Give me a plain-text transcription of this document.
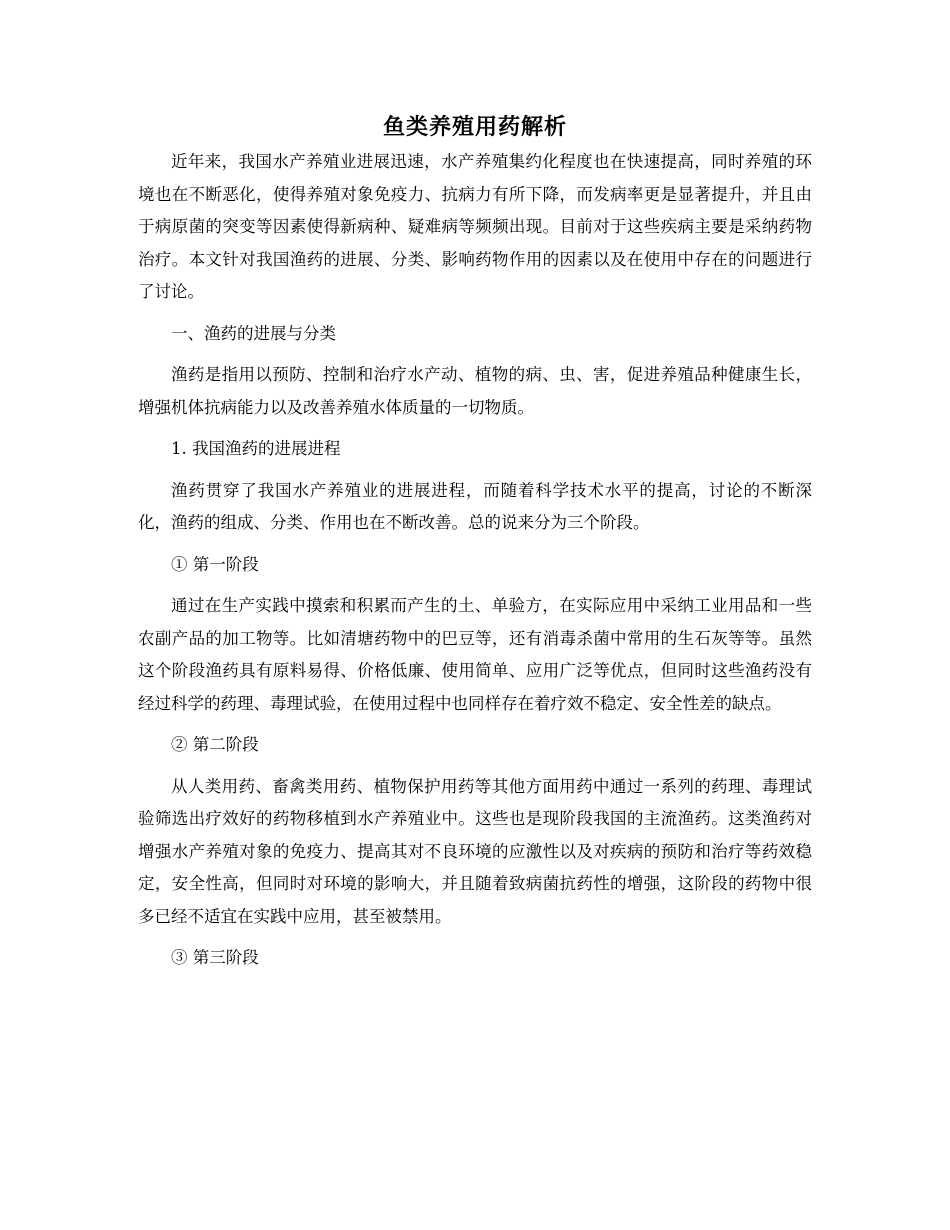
鱼类养殖用药解析

近年来，我国水产养殖业进展迅速，水产养殖集约化程度也在快速提高，同时养殖的环境也在不断恶化，使得养殖对象免疫力、抗病力有所下降，而发病率更是显著提升，并且由于病原菌的突变等因素使得新病种、疑难病等频频出现。目前对于这些疾病主要是采纳药物治疗。本文针对我国渔药的进展、分类、影响药物作用的因素以及在使用中存在的问题进行了讨论。

一、渔药的进展与分类

渔药是指用以预防、控制和治疗水产动、植物的病、虫、害，促进养殖品种健康生长，增强机体抗病能力以及改善养殖水体质量的一切物质。

1. 我国渔药的进展进程

渔药贯穿了我国水产养殖业的进展进程，而随着科学技术水平的提高，讨论的不断深化，渔药的组成、分类、作用也在不断改善。总的说来分为三个阶段。

① 第一阶段

通过在生产实践中摸索和积累而产生的土、单验方，在实际应用中采纳工业用品和一些农副产品的加工物等。比如清塘药物中的巴豆等，还有消毒杀菌中常用的生石灰等等。虽然这个阶段渔药具有原料易得、价格低廉、使用简单、应用广泛等优点，但同时这些渔药没有经过科学的药理、毒理试验，在使用过程中也同样存在着疗效不稳定、安全性差的缺点。

② 第二阶段

从人类用药、畜禽类用药、植物保护用药等其他方面用药中通过一系列的药理、毒理试验筛选出疗效好的药物移植到水产养殖业中。这些也是现阶段我国的主流渔药。这类渔药对增强水产养殖对象的免疫力、提高其对不良环境的应激性以及对疾病的预防和治疗等药效稳定，安全性高，但同时对环境的影响大，并且随着致病菌抗药性的增强，这阶段的药物中很多已经不适宜在实践中应用，甚至被禁用。

③ 第三阶段
